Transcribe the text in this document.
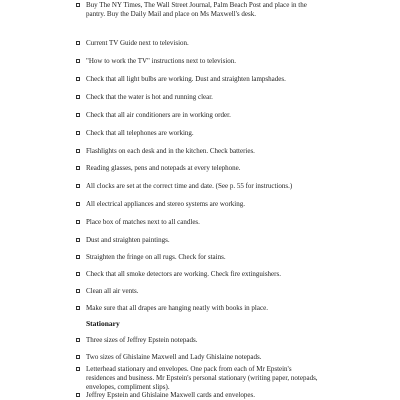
Buy The NY Times, The Wall Street Journal, Palm Beach Post and place in the pantry. Buy the Daily Mail and place on Ms Maxwell's desk.
Current TV Guide next to television.
"How to work the TV" instructions next to television.
Check that all light bulbs are working. Dust and straighten lampshades.
Check that the water is hot and running clear.
Check that all air conditioners are in working order.
Check that all telephones are working.
Flashlights on each desk and in the kitchen. Check batteries.
Reading glasses, pens and notepads at every telephone.
All clocks are set at the correct time and date. (See p. 55 for instructions.)
All electrical appliances and stereo systems are working.
Place box of matches next to all candles.
Dust and straighten paintings.
Straighten the fringe on all rugs. Check for stains.
Check that all smoke detectors are working. Check fire extinguishers.
Clean all air vents.
Make sure that all drapes are hanging neatly with books in place.
Stationary
Three sizes of Jeffrey Epstein notepads.
Two sizes of Ghislaine Maxwell and Lady Ghislaine notepads.
Letterhead stationary and envelopes. One pack from each of Mr Epstein's residences and business. Mr Epstein's personal stationary (writing paper, notepads, envelopes, compliment slips).
Jeffrey Epstein and Ghislaine Maxwell cards and envelopes.
